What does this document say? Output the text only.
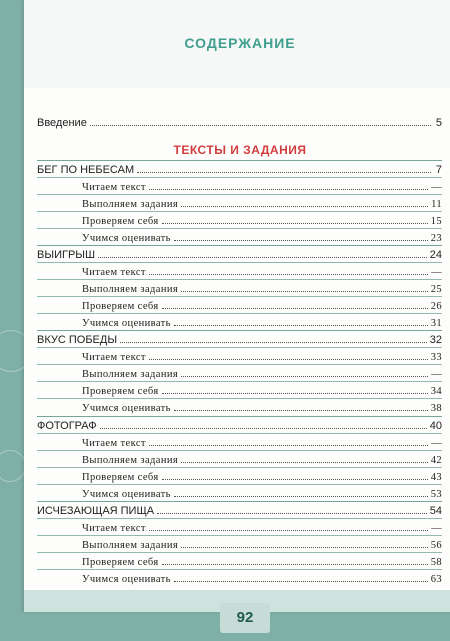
СОДЕРЖАНИЕ
Введение	5
ТЕКСТЫ И ЗАДАНИЯ
БЕГ ПО НЕБЕСАМ	7
Читаем текст	—
Выполняем задания	11
Проверяем себя	15
Учимся оценивать	23
ВЫИГРЫШ	24
Читаем текст	—
Выполняем задания	25
Проверяем себя	26
Учимся оценивать	31
ВКУС ПОБЕДЫ	32
Читаем текст	33
Выполняем задания	—
Проверяем себя	34
Учимся оценивать	38
ФОТОГРАФ	40
Читаем текст	—
Выполняем задания	42
Проверяем себя	43
Учимся оценивать	53
ИСЧЕЗАЮЩАЯ ПИЩА	54
Читаем текст	—
Выполняем задания	56
Проверяем себя	58
Учимся оценивать	63
92
